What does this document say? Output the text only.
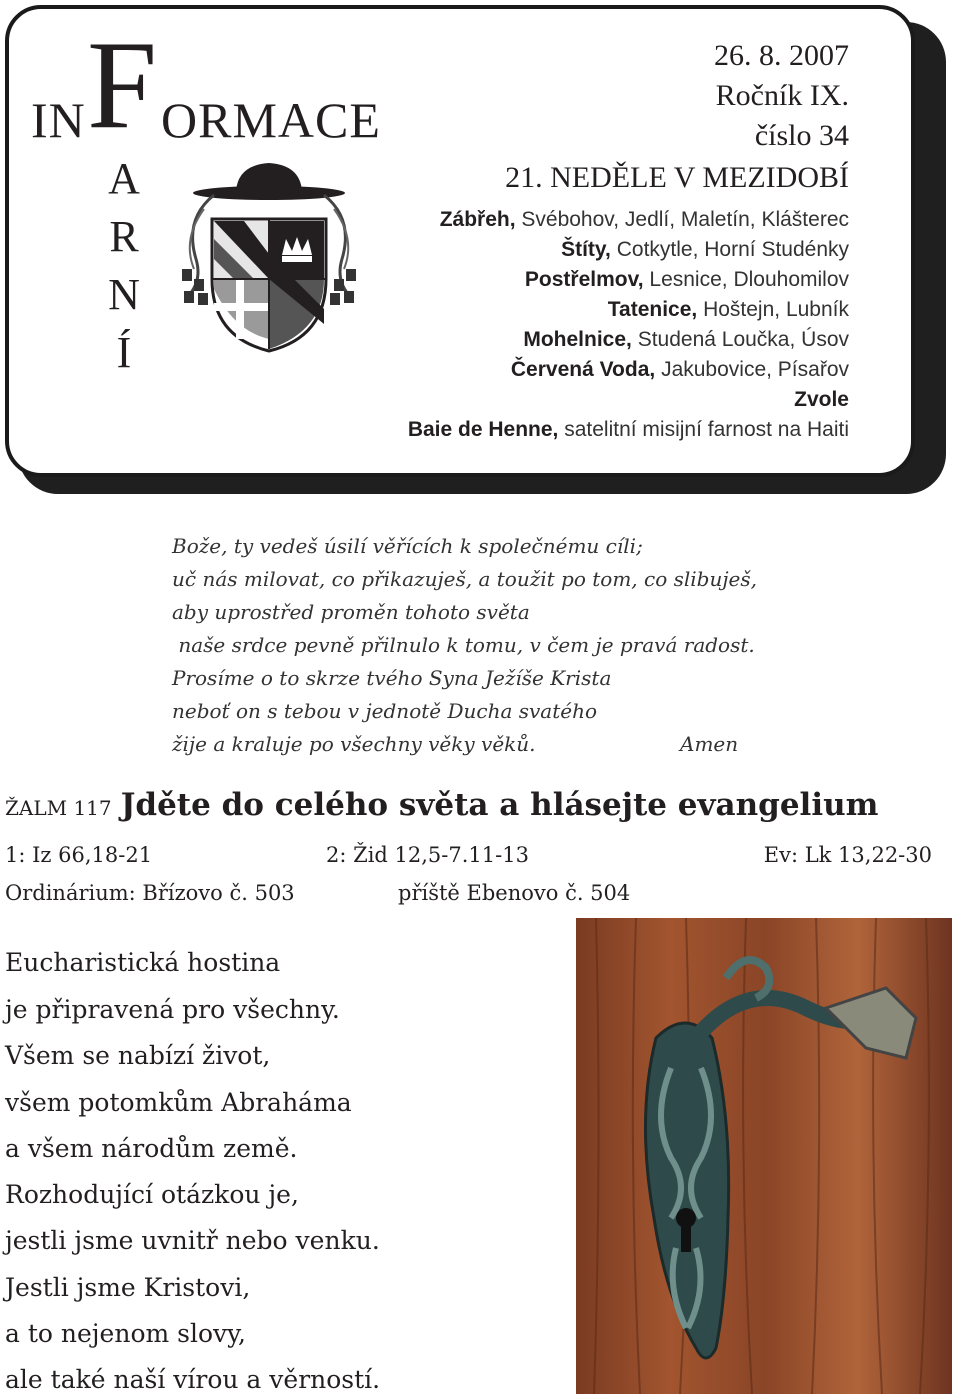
F
IN ORMACE
A
R
N
Í
26. 8. 2007
Ročník IX.
číslo 34
21. NEDĚLE V MEZIDOBÍ
Zábřeh, Svébohov, Jedlí, Maletín, Klášterec
Štíty, Cotkytle, Horní Studénky
Postřelmov, Lesnice, Dlouhomilov
Tatenice, Hoštejn, Lubník
Mohelnice, Studená Loučka, Úsov
Červená Voda, Jakubovice, Písařov
Zvole
Baie de Henne, satelitní misijní farnost na Haiti
Bože, ty vedeš úsilí věřících k společnému cíli;
uč nás milovat, co přikazuješ, a toužit po tom, co slibuješ,
aby uprostřed proměn tohoto světa
naše srdce pevně přilnulo k tomu, v čem je pravá radost.
Prosíme o to skrze tvého Syna Ježíše Krista
neboť on s tebou v jednotě Ducha svatého
žije a kraluje po všechny věky věků.	Amen
ŽALM 117 Jděte do celého světa a hlásejte evangelium
1: Iz 66,18-21	2: Žid 12,5-7.11-13	Ev: Lk 13,22-30
Ordinárium: Břízovo č. 503	příště Ebenovo č. 504
Eucharistická hostina
je připravená pro všechny.
Všem se nabízí život,
všem potomkům Abraháma
a všem národům země.
Rozhodující otázkou je,
jestli jsme uvnitř nebo venku.
Jestli jsme Kristovi,
a to nejenom slovy,
ale také naší vírou a věrností.
